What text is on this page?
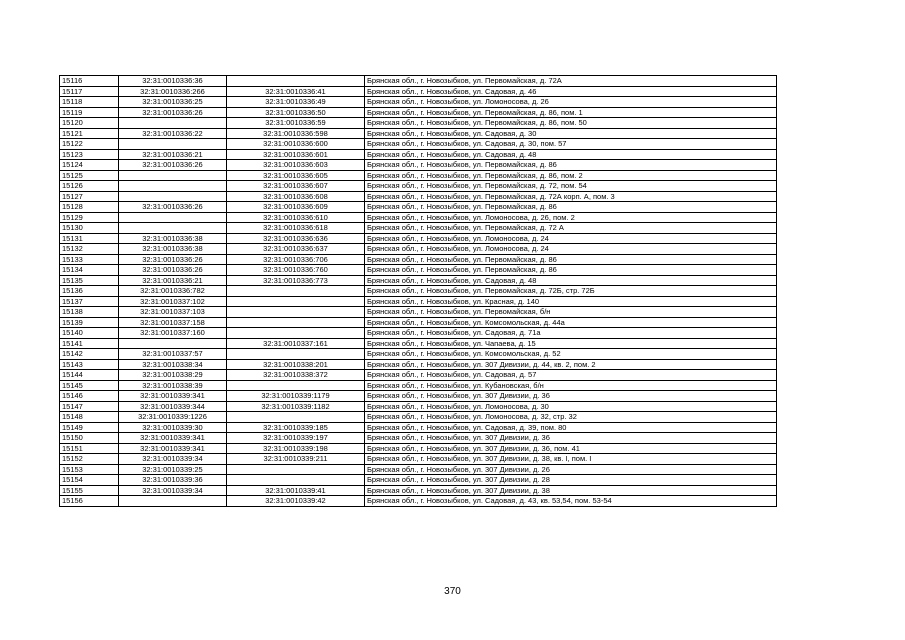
15116	32:31:0010336:36		Брянская обл., г. Новозыбков, ул. Первомайская, д. 72А
15117	32:31:0010336:266	32:31:0010336:41	Брянская обл., г. Новозыбков, ул. Садовая, д. 46
15118	32:31:0010336:25	32:31:0010336:49	Брянская обл., г. Новозыбков, ул. Ломоносова, д. 26
15119	32:31:0010336:26	32:31:0010336:50	Брянская обл., г. Новозыбков, ул. Первомайская, д. 86, пом. 1
15120		32:31:0010336:59	Брянская обл., г. Новозыбков, ул. Первомайская, д. 86, пом. 50
15121	32:31:0010336:22	32:31:0010336:598	Брянская обл., г. Новозыбков, ул. Садовая, д. 30
15122		32:31:0010336:600	Брянская обл., г. Новозыбков, ул. Садовая, д. 30, пом. 57
15123	32:31:0010336:21	32:31:0010336:601	Брянская обл., г. Новозыбков, ул. Садовая, д. 48
15124	32:31:0010336:26	32:31:0010336:603	Брянская обл., г. Новозыбков, ул. Первомайская, д. 86
15125		32:31:0010336:605	Брянская обл., г. Новозыбков, ул. Первомайская, д. 86, пом. 2
15126		32:31:0010336:607	Брянская обл., г. Новозыбков, ул. Первомайская, д. 72, пом. 54
15127		32:31:0010336:608	Брянская обл., г. Новозыбков, ул. Первомайская, д. 72А корп. А, пом. 3
15128	32:31:0010336:26	32:31:0010336:609	Брянская обл., г. Новозыбков, ул. Первомайская, д. 86
15129		32:31:0010336:610	Брянская обл., г. Новозыбков, ул. Ломоносова, д. 26, пом. 2
15130		32:31:0010336:618	Брянская обл., г. Новозыбков, ул. Первомайская, д. 72 А
15131	32:31:0010336:38	32:31:0010336:636	Брянская обл., г. Новозыбков, ул. Ломоносова, д. 24
15132	32:31:0010336:38	32:31:0010336:637	Брянская обл., г. Новозыбков, ул. Ломоносова, д. 24
15133	32:31:0010336:26	32:31:0010336:706	Брянская обл., г. Новозыбков, ул. Первомайская, д. 86
15134	32:31:0010336:26	32:31:0010336:760	Брянская обл., г. Новозыбков, ул. Первомайская, д. 86
15135	32:31:0010336:21	32:31:0010336:773	Брянская обл., г. Новозыбков, ул. Садовая, д. 48
15136	32:31:0010336:782		Брянская обл., г. Новозыбков, ул. Первомайская, д. 72Б, стр. 72Б
15137	32:31:0010337:102		Брянская обл., г. Новозыбков, ул. Красная, д. 140
15138	32:31:0010337:103		Брянская обл., г. Новозыбков, ул. Первомайская, б/н
15139	32:31:0010337:158		Брянская обл., г. Новозыбков, ул. Комсомольская, д. 44а
15140	32:31:0010337:160		Брянская обл., г. Новозыбков, ул. Садовая, д. 71а
15141		32:31:0010337:161	Брянская обл., г. Новозыбков, ул. Чапаева, д. 15
15142	32:31:0010337:57		Брянская обл., г. Новозыбков, ул. Комсомольская, д. 52
15143	32:31:0010338:34	32:31:0010338:201	Брянская обл., г. Новозыбков, ул. 307 Дивизии, д. 44, кв. 2, пом. 2
15144	32:31:0010338:29	32:31:0010338:372	Брянская обл., г. Новозыбков, ул. Садовая, д. 57
15145	32:31:0010338:39		Брянская обл., г. Новозыбков, ул. Кубановская, б/н
15146	32:31:0010339:341	32:31:0010339:1179	Брянская обл., г. Новозыбков, ул. 307 Дивизии, д. 36
15147	32:31:0010339:344	32:31:0010339:1182	Брянская обл., г. Новозыбков, ул. Ломоносова, д. 30
15148	32:31:0010339:1226		Брянская обл., г. Новозыбков, ул. Ломоносова, д. 32, стр. 32
15149	32:31:0010339:30	32:31:0010339:185	Брянская обл., г. Новозыбков, ул. Садовая, д. 39, пом. 80
15150	32:31:0010339:341	32:31:0010339:197	Брянская обл., г. Новозыбков, ул. 307 Дивизии, д. 36
15151	32:31:0010339:341	32:31:0010339:198	Брянская обл., г. Новозыбков, ул. 307 Дивизии, д. 36, пом. 41
15152	32:31:0010339:34	32:31:0010339:211	Брянская обл., г. Новозыбков, ул. 307 Дивизии, д. 38, кв. I, пом. I
15153	32:31:0010339:25		Брянская обл., г. Новозыбков, ул. 307 Дивизии, д. 26
15154	32:31:0010339:36		Брянская обл., г. Новозыбков, ул. 307 Дивизии, д. 28
15155	32:31:0010339:34	32:31:0010339:41	Брянская обл., г. Новозыбков, ул. 307 Дивизии, д. 38
15156		32:31:0010339:42	Брянская обл., г. Новозыбков, ул. Садовая, д. 43, кв. 53,54, пом. 53-54
370
